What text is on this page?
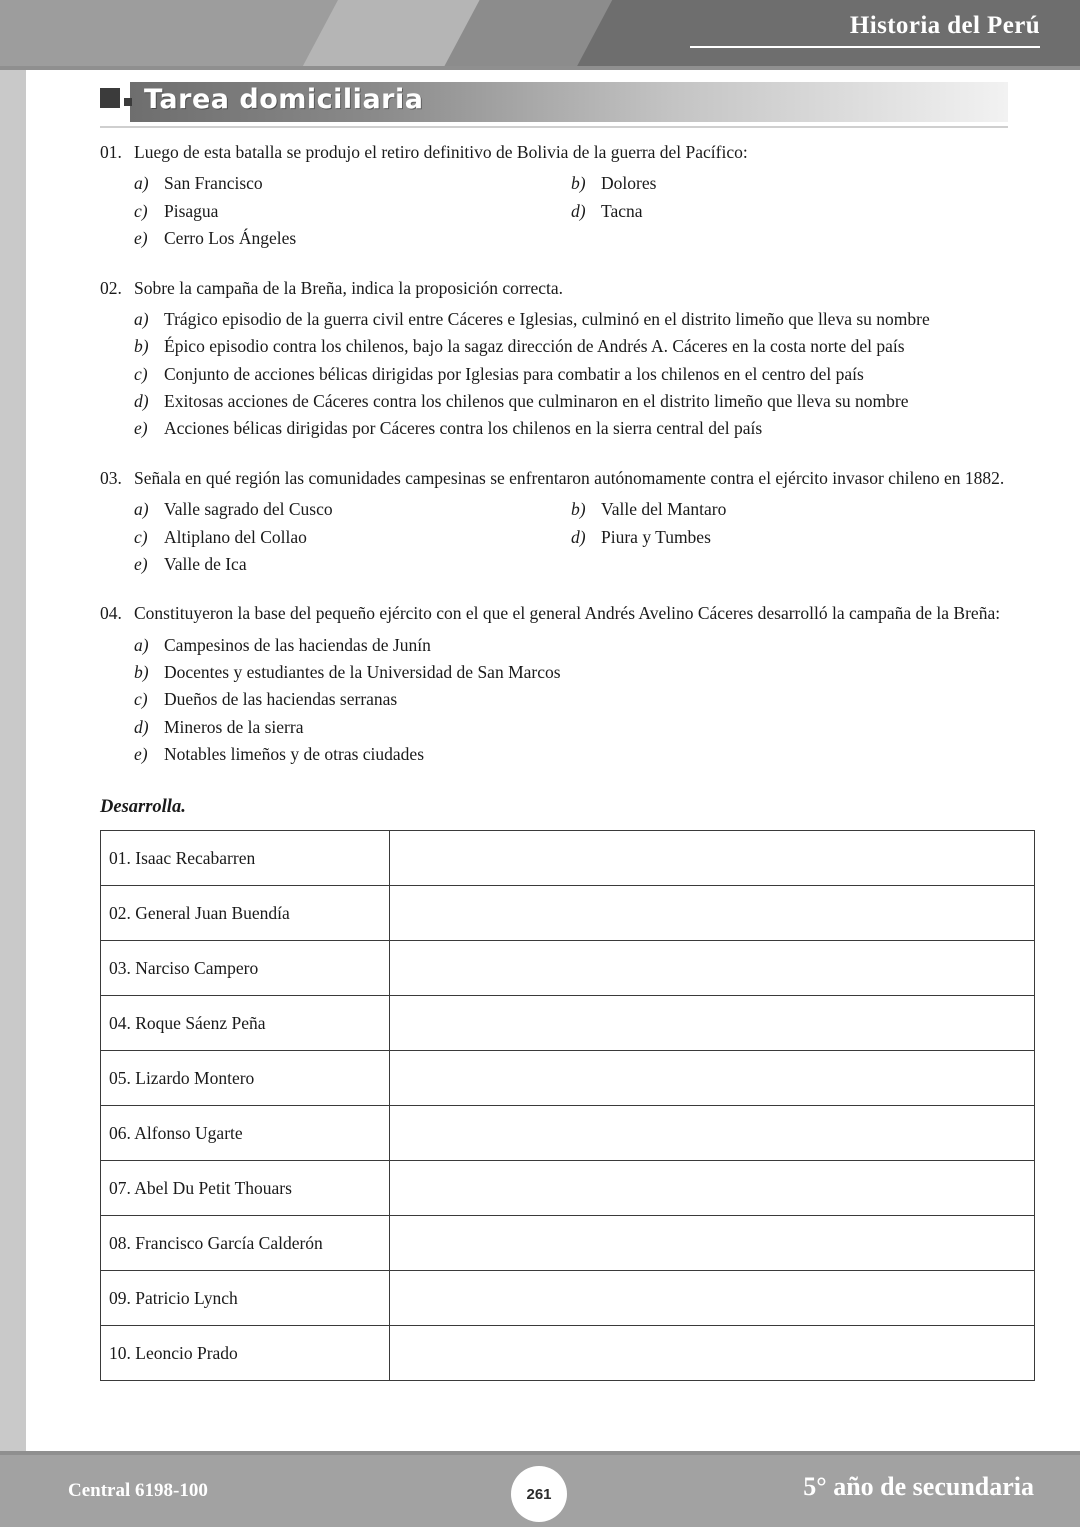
Historia del Perú
Tarea domiciliaria
01. Luego de esta batalla se produjo el retiro definitivo de Bolivia de la guerra del Pacífico:
a) San Francisco	b) Dolores
c) Pisagua	d) Tacna
e) Cerro Los Ángeles
02. Sobre la campaña de la Breña, indica la proposición correcta.
a) Trágico episodio de la guerra civil entre Cáceres e Iglesias, culminó en el distrito limeño que lleva su nombre
b) Épico episodio contra los chilenos, bajo la sagaz dirección de Andrés A. Cáceres en la costa norte del país
c) Conjunto de acciones bélicas dirigidas por Iglesias para combatir a los chilenos en el centro del país
d) Exitosas acciones de Cáceres contra los chilenos que culminaron en el distrito limeño que lleva su nombre
e) Acciones bélicas dirigidas por Cáceres contra los chilenos en la sierra central del país
03. Señala en qué región las comunidades campesinas se enfrentaron autónomamente contra el ejército invasor chileno en 1882.
a) Valle sagrado del Cusco	b) Valle del Mantaro
c) Altiplano del Collao	d) Piura y Tumbes
e) Valle de Ica
04. Constituyeron la base del pequeño ejército con el que el general Andrés Avelino Cáceres desarrolló la campaña de la Breña:
a) Campesinos de las haciendas de Junín
b) Docentes y estudiantes de la Universidad de San Marcos
c) Dueños de las haciendas serranas
d) Mineros de la sierra
e) Notables limeños y de otras ciudades
Desarrolla.
01. Isaac Recabarren	
02. General Juan Buendía	
03. Narciso Campero	
04. Roque Sáenz Peña	
05. Lizardo Montero	
06. Alfonso Ugarte	
07. Abel Du Petit Thouars	
08. Francisco García Calderón	
09. Patricio Lynch	
10. Leoncio Prado	
Central 6198-100	261	5° año de secundaria
